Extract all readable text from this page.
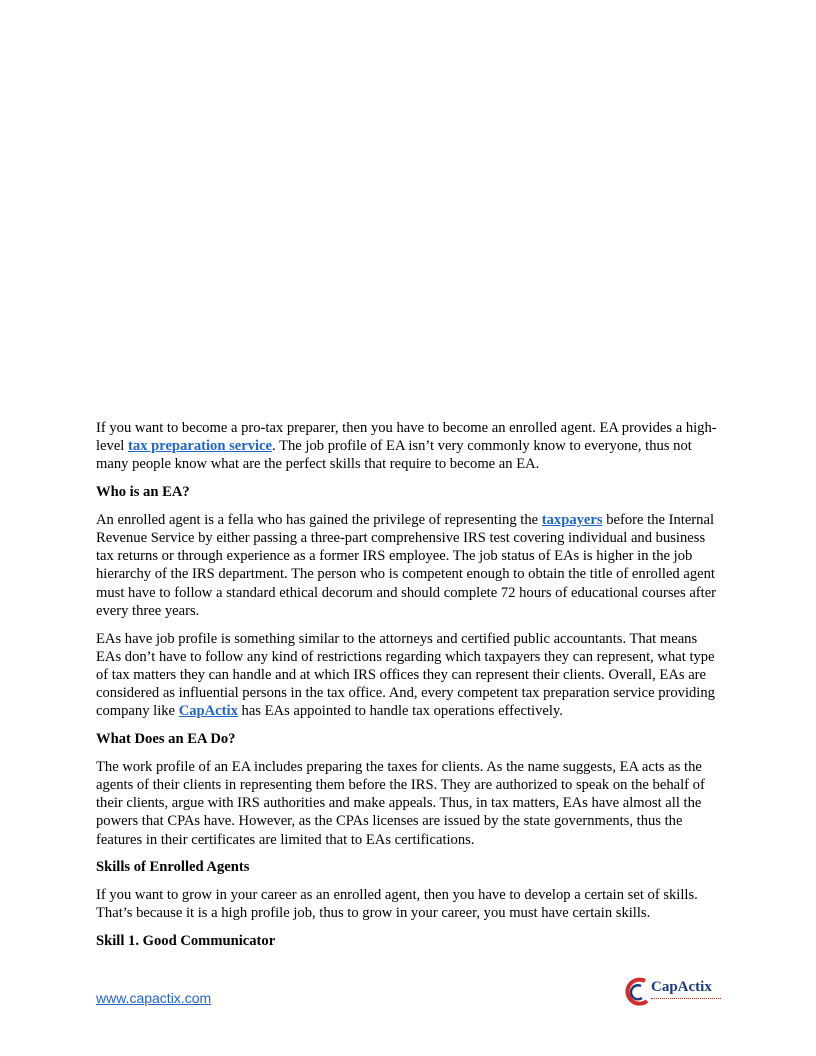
If you want to become a pro-tax preparer, then you have to become an enrolled agent. EA provides a high-level tax preparation service. The job profile of EA isn’t very commonly know to everyone, thus not many people know what are the perfect skills that require to become an EA.

Who is an EA?

An enrolled agent is a fella who has gained the privilege of representing the taxpayers before the Internal Revenue Service by either passing a three-part comprehensive IRS test covering individual and business tax returns or through experience as a former IRS employee. The job status of EAs is higher in the job hierarchy of the IRS department. The person who is competent enough to obtain the title of enrolled agent must have to follow a standard ethical decorum and should complete 72 hours of educational courses after every three years.

EAs have job profile is something similar to the attorneys and certified public accountants. That means EAs don’t have to follow any kind of restrictions regarding which taxpayers they can represent, what type of tax matters they can handle and at which IRS offices they can represent their clients. Overall, EAs are considered as influential persons in the tax office. And, every competent tax preparation service providing company like CapActix has EAs appointed to handle tax operations effectively.

What Does an EA Do?

The work profile of an EA includes preparing the taxes for clients. As the name suggests, EA acts as the agents of their clients in representing them before the IRS. They are authorized to speak on the behalf of their clients, argue with IRS authorities and make appeals. Thus, in tax matters, EAs have almost all the powers that CPAs have. However, as the CPAs licenses are issued by the state governments, thus the features in their certificates are limited that to EAs certifications.

Skills of Enrolled Agents

If you want to grow in your career as an enrolled agent, then you have to develop a certain set of skills. That’s because it is a high profile job, thus to grow in your career, you must have certain skills.

Skill 1. Good Communicator
www.capactix.com
CapActix
